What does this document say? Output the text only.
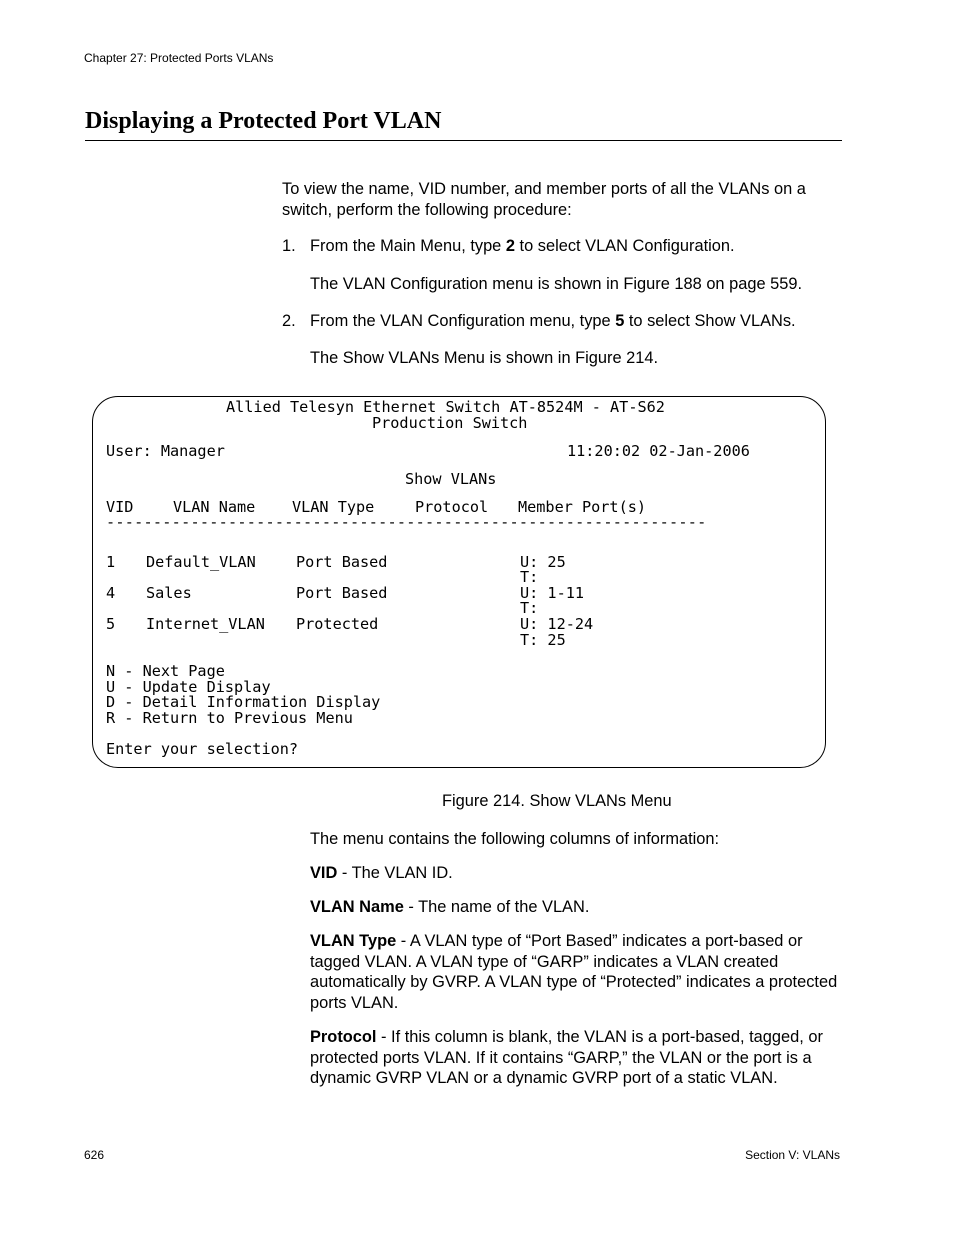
Chapter 27: Protected Ports VLANs
Displaying a Protected Port VLAN
To view the name, VID number, and member ports of all the VLANs on a switch, perform the following procedure:
1. From the Main Menu, type 2 to select VLAN Configuration.
The VLAN Configuration menu is shown in Figure 188 on page 559.
2. From the VLAN Configuration menu, type 5 to select Show VLANs.
The Show VLANs Menu is shown in Figure 214.
Allied Telesyn Ethernet Switch AT-8524M - AT-S62
Production Switch
User: Manager	11:20:02 02-Jan-2006
Show VLANs
VID	VLAN Name VLAN Type	Protocol Member Port(s)
----------------------------------------------------------------
1 Default_VLAN	Port Based	U: 25
T:
4 Sales	Port Based	U: 1-11
T:
5 Internet_VLAN Protected	U: 12-24
T: 25
N - Next Page
U - Update Display
D - Detail Information Display
R - Return to Previous Menu
Enter your selection?
Figure 214. Show VLANs Menu
The menu contains the following columns of information:
VID - The VLAN ID.
VLAN Name - The name of the VLAN.
VLAN Type - A VLAN type of “Port Based” indicates a port-based or tagged VLAN. A VLAN type of “GARP” indicates a VLAN created automatically by GVRP. A VLAN type of “Protected” indicates a protected ports VLAN.
Protocol - If this column is blank, the VLAN is a port-based, tagged, or protected ports VLAN. If it contains “GARP,” the VLAN or the port is a dynamic GVRP VLAN or a dynamic GVRP port of a static VLAN.
626	Section V: VLANs
